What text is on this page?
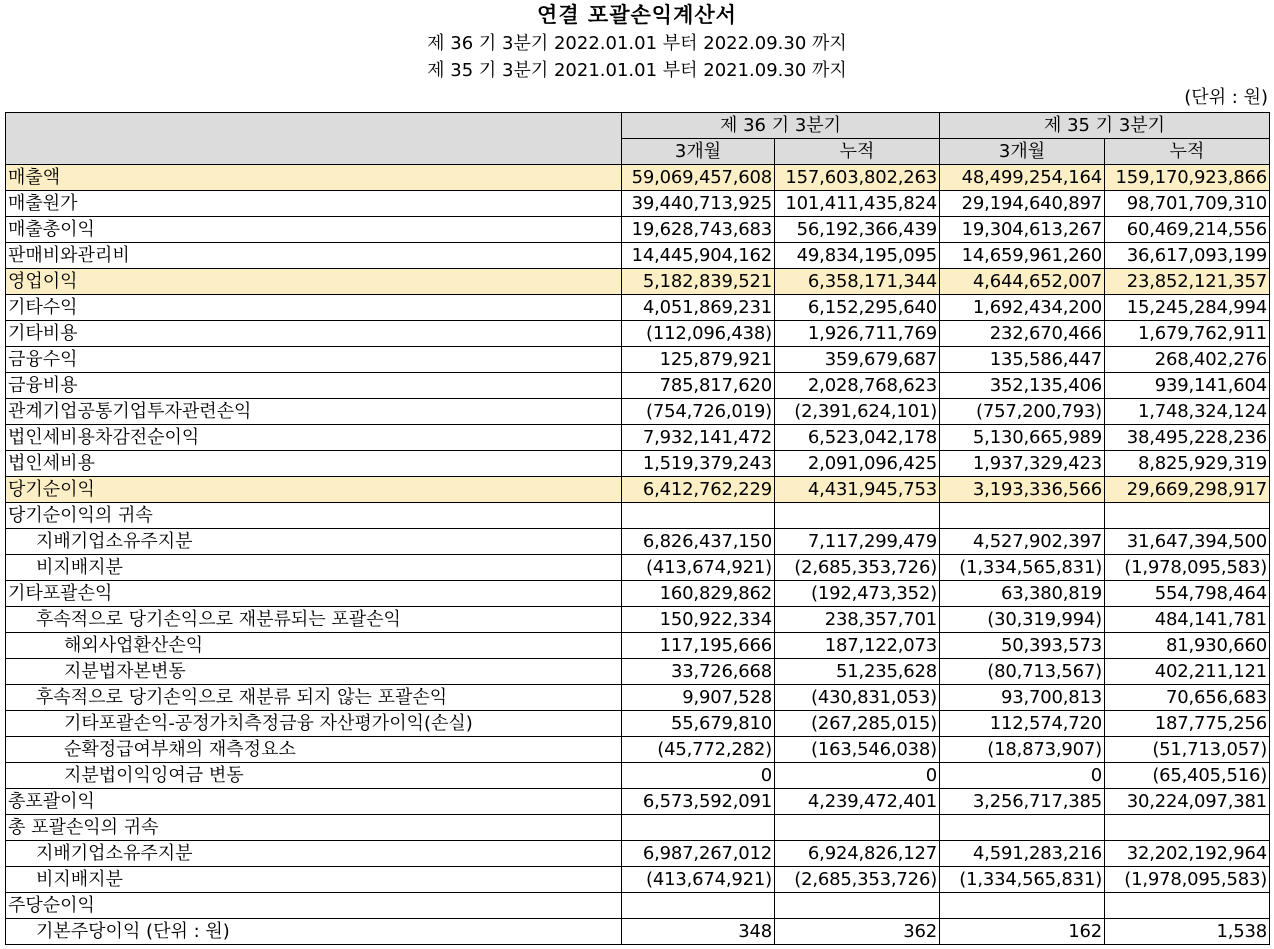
연결 포괄손익계산서
제 36 기 3분기 2022.01.01 부터 2022.09.30 까지
제 35 기 3분기 2021.01.01 부터 2021.09.30 까지
(단위 : 원)
	제 36 기 3분기		제 35 기 3분기	
	3개월	누적	3개월	누적
매출액	59,069,457,608	157,603,802,263	48,499,254,164	159,170,923,866
매출원가	39,440,713,925	101,411,435,824	29,194,640,897	98,701,709,310
매출총이익	19,628,743,683	56,192,366,439	19,304,613,267	60,469,214,556
판매비와관리비	14,445,904,162	49,834,195,095	14,659,961,260	36,617,093,199
영업이익	5,182,839,521	6,358,171,344	4,644,652,007	23,852,121,357
기타수익	4,051,869,231	6,152,295,640	1,692,434,200	15,245,284,994
기타비용	(112,096,438)	1,926,711,769	232,670,466	1,679,762,911
금융수익	125,879,921	359,679,687	135,586,447	268,402,276
금융비용	785,817,620	2,028,768,623	352,135,406	939,141,604
관계기업공통기업투자관련손익	(754,726,019)	(2,391,624,101)	(757,200,793)	1,748,324,124
법인세비용차감전순이익	7,932,141,472	6,523,042,178	5,130,665,989	38,495,228,236
법인세비용	1,519,379,243	2,091,096,425	1,937,329,423	8,825,929,319
당기순이익	6,412,762,229	4,431,945,753	3,193,336,566	29,669,298,917
당기순이익의 귀속				
지배기업소유주지분	6,826,437,150	7,117,299,479	4,527,902,397	31,647,394,500
비지배지분	(413,674,921)	(2,685,353,726)	(1,334,565,831)	(1,978,095,583)
기타포괄손익	160,829,862	(192,473,352)	63,380,819	554,798,464
후속적으로 당기손익으로 재분류되는 포괄손익	150,922,334	238,357,701	(30,319,994)	484,141,781
해외사업환산손익	117,195,666	187,122,073	50,393,573	81,930,660
지분법자본변동	33,726,668	51,235,628	(80,713,567)	402,211,121
후속적으로 당기손익으로 재분류 되지 않는 포괄손익	9,907,528	(430,831,053)	93,700,813	70,656,683
기타포괄손익-공정가치측정금융 자산평가이익(손실)	55,679,810	(267,285,015)	112,574,720	187,775,256
순확정급여부채의 재측정요소	(45,772,282)	(163,546,038)	(18,873,907)	(51,713,057)
지분법이익잉여금 변동	0	0	0	(65,405,516)
총포괄이익	6,573,592,091	4,239,472,401	3,256,717,385	30,224,097,381
총 포괄손익의 귀속				
지배기업소유주지분	6,987,267,012	6,924,826,127	4,591,283,216	32,202,192,964
비지배지분	(413,674,921)	(2,685,353,726)	(1,334,565,831)	(1,978,095,583)
주당순이익				
기본주당이익 (단위 : 원)	348	362	162	1,538
